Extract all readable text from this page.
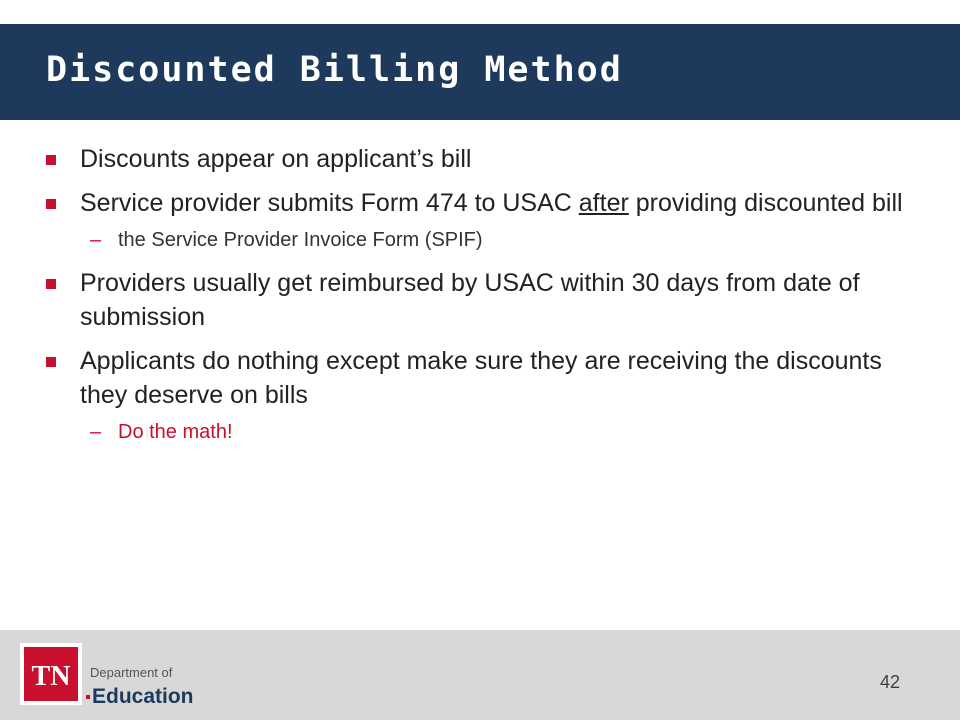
Discounted Billing Method
Discounts appear on applicant’s bill
Service provider submits Form 474 to USAC after providing discounted bill
– the Service Provider Invoice Form (SPIF)
Providers usually get reimbursed by USAC within 30 days from date of submission
Applicants do nothing except make sure they are receiving the discounts they deserve on bills
– Do the math!
TN Department of
Education
42
